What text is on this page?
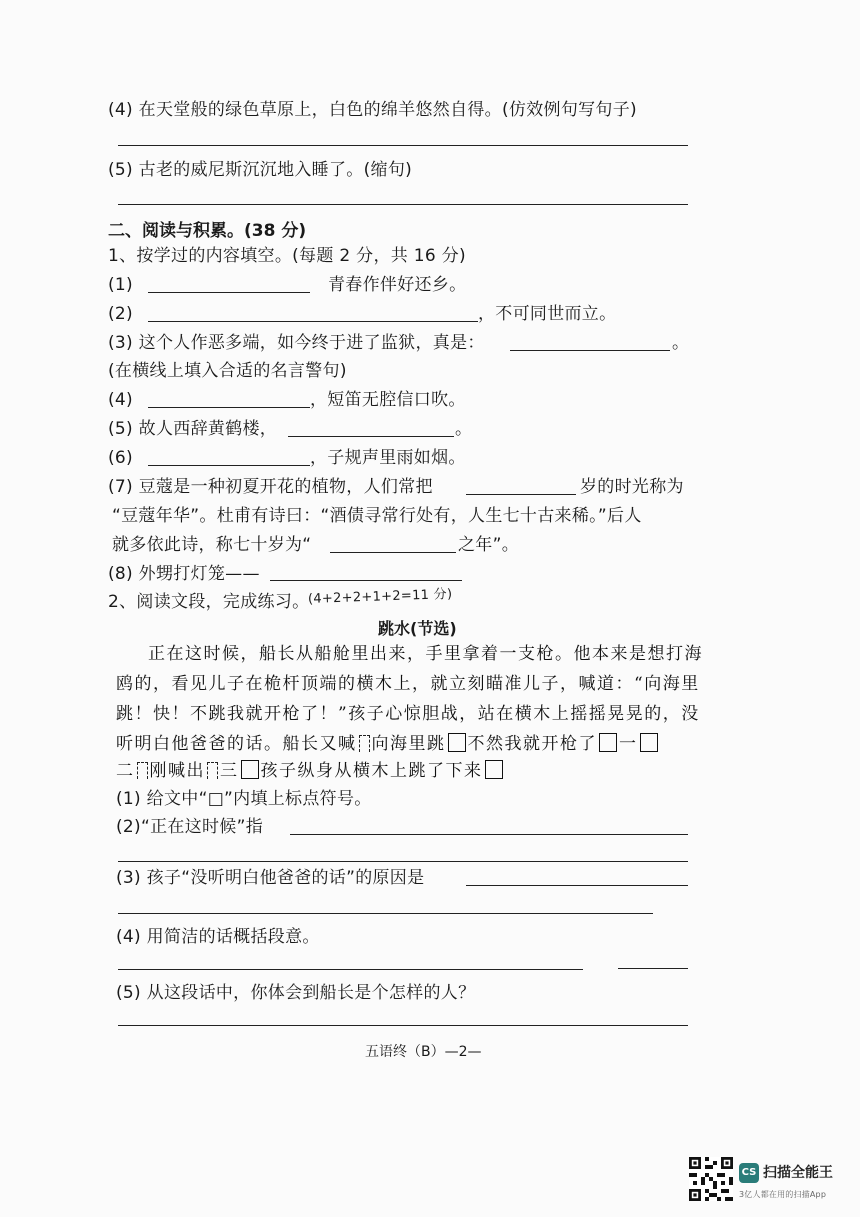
(4) 在天堂般的绿色草原上，白色的绵羊悠然自得。(仿效例句写句子)
(5) 古老的威尼斯沉沉地入睡了。(缩句)
二、阅读与积累。(38 分)
1、按学过的内容填空。(每题 2 分，共 16 分)
(1)	青春作伴好还乡。
(2)	，不可同世而立。
(3) 这个人作恶多端，如今终于进了监狱，真是：	。
(在横线上填入合适的名言警句)
(4)	，短笛无腔信口吹。
(5) 故人西辞黄鹤楼，	。
(6)	，子规声里雨如烟。
(7) 豆蔻是一种初夏开花的植物，人们常把	岁的时光称为
“豆蔻年华”。杜甫有诗曰：“酒债寻常行处有，人生七十古来稀。”后人
就多依此诗，称七十岁为“	之年”。
(8) 外甥打灯笼——
2、阅读文段，完成练习。
(4+2+2+1+2=11 分)
跳水(节选)
正在这时候，船长从船舱里出来，手里拿着一支枪。他本来是想打海
鸥的，看见儿子在桅杆顶端的横木上，就立刻瞄准儿子，喊道：“向海里
跳！快！不跳我就开枪了！”孩子心惊胆战，站在横木上摇摇晃晃的，没
听明白他爸爸的话。船长又喊 向海里跳 不然我就开枪了 一
二 刚喊出 三 孩子纵身从横木上跳了下来
(1) 给文中“□”内填上标点符号。
(2)“正在这时候”指
(3) 孩子“没听明白他爸爸的话”的原因是
(4) 用简洁的话概括段意。
(5) 从这段话中，你体会到船长是个怎样的人？
五语终（B）—2—
CS 扫描全能王
3亿人都在用的扫描App
